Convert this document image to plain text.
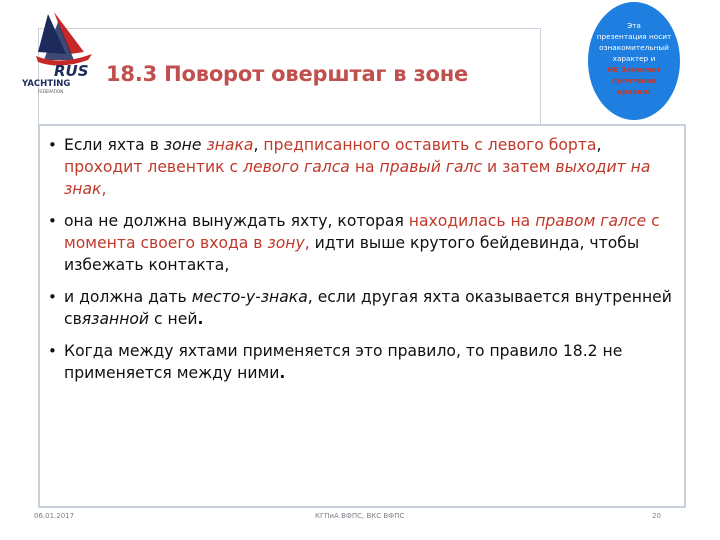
RUS
YACHTING
FEDERATION
18.3 Поворот оверштаг в зоне
• Если яхта в зоне знака, предписанного оставить с левого борта, проходит левентик с левого галса на правый галс и затем выходит на знак,
• она не должна вынуждать яхту, которая находилась на правом галсе с момента своего входа в зону, идти выше крутого бейдевинда, чтобы избежать контакта,
• и должна дать место-у-знака, если другая яхта оказывается внутренней связанной с ней.
• Когда между яхтами применяется это правило, то правило 18.2 не применяется между ними.
Эта
презентация носит
ознакомительный
характер и
НЕ Заменяет
прочтения
правил!
06.01.2017	КГПиА ВФПС, ВКС ВФПС	20
